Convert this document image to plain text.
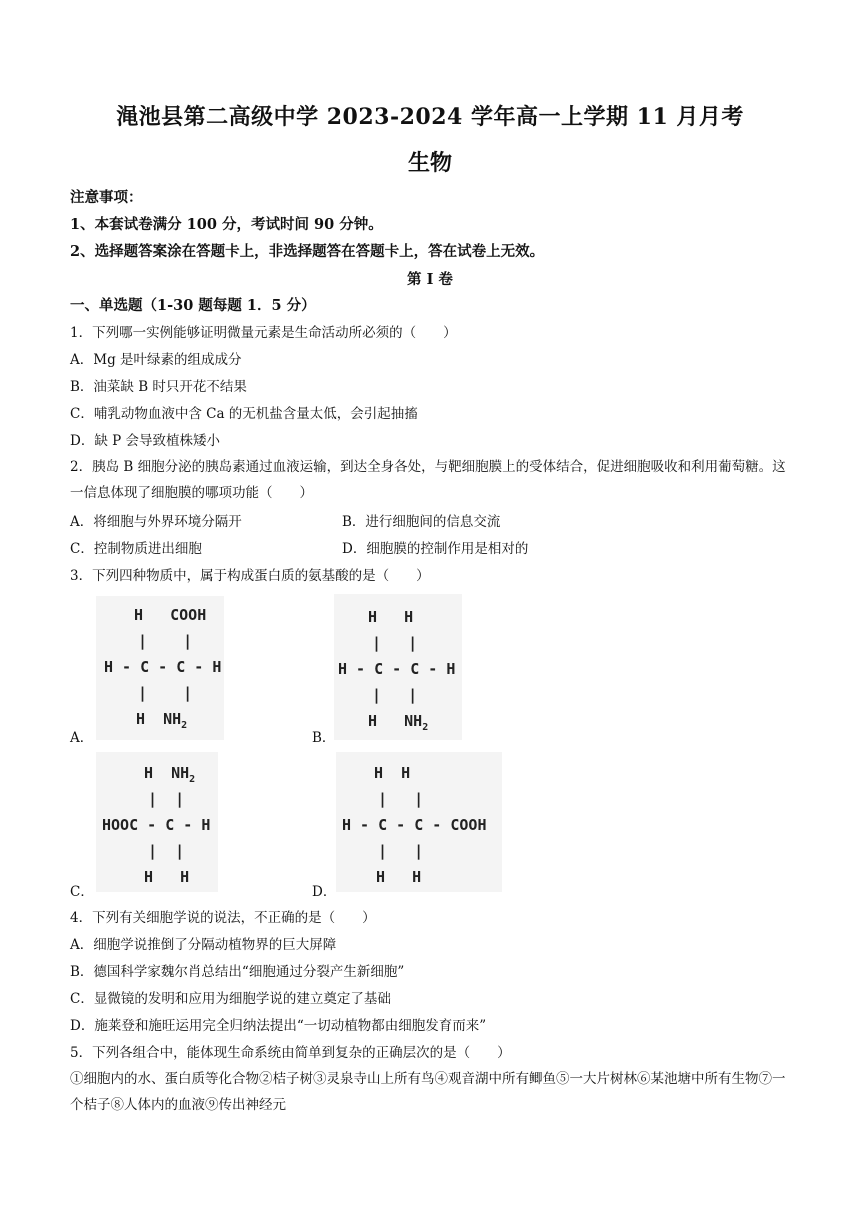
渑池县第二高级中学 2023-2024 学年高一上学期 11 月月考
生物
注意事项：
1、本套试卷满分 100 分，考试时间 90 分钟。
2、选择题答案涂在答题卡上，非选择题答在答题卡上，答在试卷上无效。
第 I 卷
一、单选题（1-30 题每题 1．5 分）
1．下列哪一实例能够证明微量元素是生命活动所必须的（　　）
A．Mg 是叶绿素的组成成分
B．油菜缺 B 时只开花不结果
C．哺乳动物血液中含 Ca 的无机盐含量太低，会引起抽搐
D．缺 P 会导致植株矮小
2．胰岛 B 细胞分泌的胰岛素通过血液运输，到达全身各处，与靶细胞膜上的受体结合，促进细胞吸收和利用葡萄糖。这一信息体现了细胞膜的哪项功能（　　）
A．将细胞与外界环境分隔开	B．进行细胞间的信息交流
C．控制物质进出细胞	D．细胞膜的控制作用是相对的
3．下列四种物质中，属于构成蛋白质的氨基酸的是（　　）
H   COOH
|    |
H - C - C - H
|    |
H  $NH_2$
A．
H   H
|   |
H - C - C - H
|   |
H   $NH_2$
B．
H  $NH_2$
|  |
HOOC - C - H
|  |
H   H
C．
H  H
|   |
H - C - C - COOH
|   |
H   H
D．
4．下列有关细胞学说的说法，不正确的是（　　）
A．细胞学说推倒了分隔动植物界的巨大屏障
B．德国科学家魏尔肖总结出“细胞通过分裂产生新细胞”
C．显微镜的发明和应用为细胞学说的建立奠定了基础
D．施莱登和施旺运用完全归纳法提出“一切动植物都由细胞发育而来”
5．下列各组合中，能体现生命系统由简单到复杂的正确层次的是（　　）
①细胞内的水、蛋白质等化合物②桔子树③灵泉寺山上所有鸟④观音湖中所有鲫鱼⑤一大片树林⑥某池塘中所有生物⑦一个桔子⑧人体内的血液⑨传出神经元
